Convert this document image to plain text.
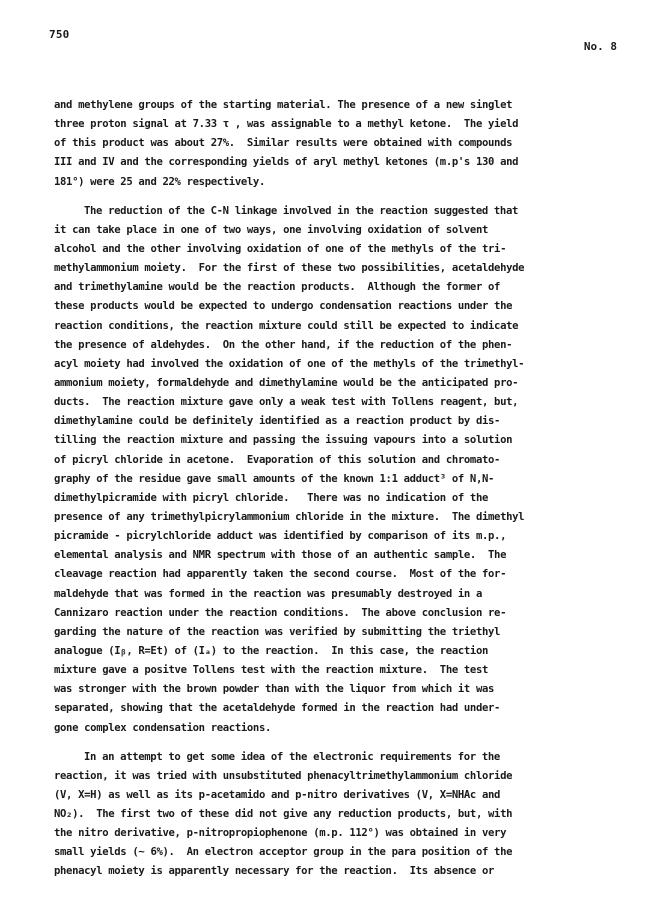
750
No. 8
and methylene groups of the starting material. The presence of a new singlet
three proton signal at 7.33 τ , was assignable to a methyl ketone.  The yield
of this product was about 27%.  Similar results were obtained with compounds
III and IV and the corresponding yields of aryl methyl ketones (m.p's 130 and
181°) were 25 and 22% respectively.
The reduction of the C-N linkage involved in the reaction suggested that
it can take place in one of two ways, one involving oxidation of solvent
alcohol and the other involving oxidation of one of the methyls of the tri-
methylammonium moiety.  For the first of these two possibilities, acetaldehyde
and trimethylamine would be the reaction products.  Although the former of
these products would be expected to undergo condensation reactions under the
reaction conditions, the reaction mixture could still be expected to indicate
the presence of aldehydes.  On the other hand, if the reduction of the phen-
acyl moiety had involved the oxidation of one of the methyls of the trimethyl-
ammonium moiety, formaldehyde and dimethylamine would be the anticipated pro-
ducts.  The reaction mixture gave only a weak test with Tollens reagent, but,
dimethylamine could be definitely identified as a reaction product by dis-
tilling the reaction mixture and passing the issuing vapours into a solution
of picryl chloride in acetone.  Evaporation of this solution and chromato-
graphy of the residue gave small amounts of the known 1:1 adduct³ of N,N-
dimethylpicramide with picryl chloride.   There was no indication of the
presence of any trimethylpicrylammonium chloride in the mixture.  The dimethyl
picramide - picrylchloride adduct was identified by comparison of its m.p.,
elemental analysis and NMR spectrum with those of an authentic sample.  The
cleavage reaction had apparently taken the second course.  Most of the for-
maldehyde that was formed in the reaction was presumably destroyed in a
Cannizaro reaction under the reaction conditions.  The above conclusion re-
garding the nature of the reaction was verified by submitting the triethyl
analogue (Iᵦ, R=Et) of (Iₐ) to the reaction.  In this case, the reaction
mixture gave a positve Tollens test with the reaction mixture.  The test
was stronger with the brown powder than with the liquor from which it was
separated, showing that the acetaldehyde formed in the reaction had under-
gone complex condensation reactions.
In an attempt to get some idea of the electronic requirements for the
reaction, it was tried with unsubstituted phenacyltrimethylammonium chloride
(V, X=H) as well as its p-acetamido and p-nitro derivatives (V, X=NHAc and
NO₂).  The first two of these did not give any reduction products, but, with
the nitro derivative, p-nitropropiophenone (m.p. 112°) was obtained in very
small yields (~ 6%).  An electron acceptor group in the para position of the
phenacyl moiety is apparently necessary for the reaction.  Its absence or
